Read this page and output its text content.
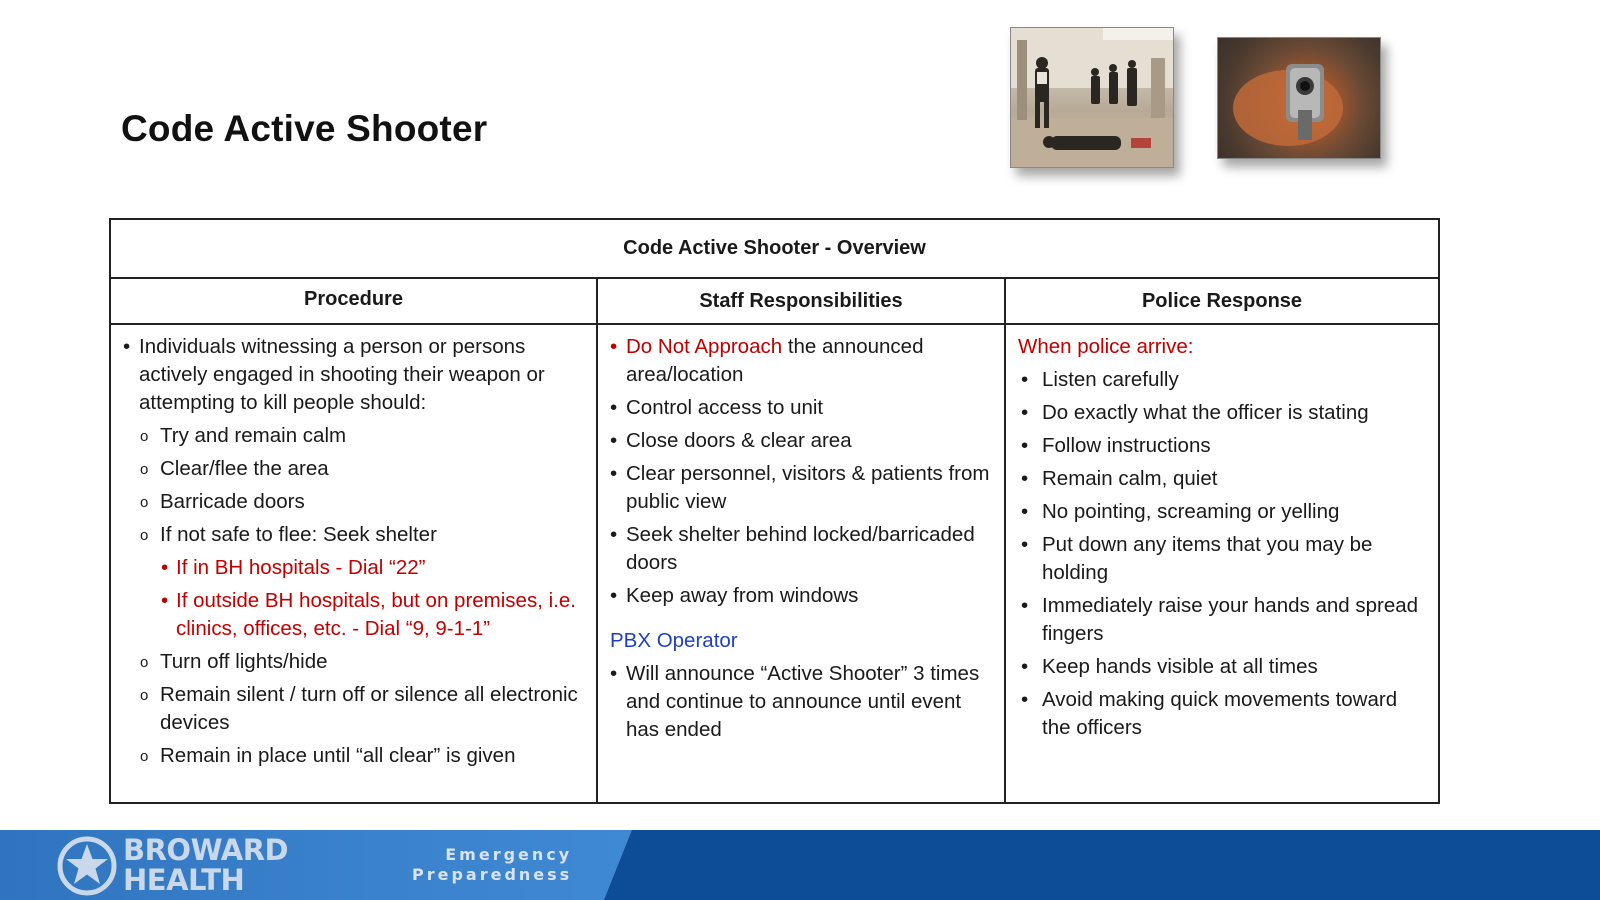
Code Active Shooter
Code Active Shooter - Overview
Procedure
• Individuals witnessing a person or persons actively engaged in shooting their weapon or attempting to kill people should:
o Try and remain calm
o Clear/flee the area
o Barricade doors
o If not safe to flee: Seek shelter
• If in BH hospitals - Dial “22”
• If outside BH hospitals, but on premises, i.e. clinics, offices, etc. - Dial “9, 9-1-1”
o Turn off lights/hide
o Remain silent / turn off or silence all electronic devices
o Remain in place until “all clear” is given
Staff Responsibilities
• Do Not Approach the announced area/location
• Control access to unit
• Close doors & clear area
• Clear personnel, visitors & patients from public view
• Seek shelter behind locked/barricaded doors
• Keep away from windows
PBX Operator
• Will announce “Active Shooter” 3 times and continue to announce until event has ended
Police Response
When police arrive:
• Listen carefully
• Do exactly what the officer is stating
• Follow instructions
• Remain calm, quiet
• No pointing, screaming or yelling
• Put down any items that you may be holding
• Immediately raise your hands and spread fingers
• Keep hands visible at all times
• Avoid making quick movements toward the officers
BROWARD
HEALTH
Emergency
Preparedness
